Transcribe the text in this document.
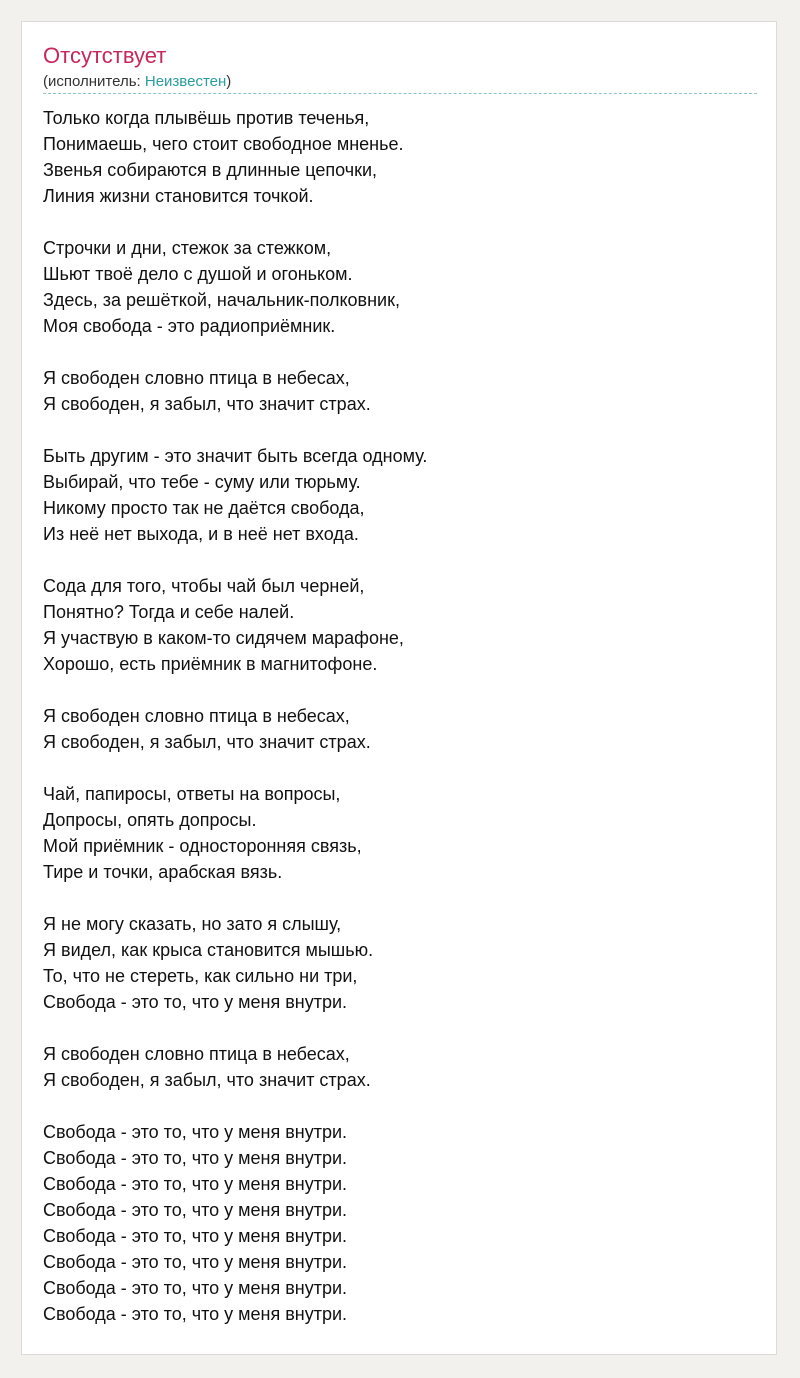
Отсутствует
(исполнитель: Неизвестен)
Только когда плывёшь против теченья,
Понимаешь, чего стоит свободное мненье.
Звенья собираются в длинные цепочки,
Линия жизни становится точкой.
Строчки и дни, стежок за стежком,
Шьют твоё дело с душой и огоньком.
Здесь, за решёткой, начальник-полковник,
Моя свобода - это радиоприёмник.
Я свободен словно птица в небесах,
Я свободен, я забыл, что значит страх.
Быть другим - это значит быть всегда одному.
Выбирай, что тебе - суму или тюрьму.
Никому просто так не даётся свобода,
Из неё нет выхода, и в неё нет входа.
Сода для того, чтобы чай был черней,
Понятно? Тогда и себе налей.
Я участвую в каком-то сидячем марафоне,
Хорошо, есть приёмник в магнитофоне.
Я свободен словно птица в небесах,
Я свободен, я забыл, что значит страх.
Чай, папиросы, ответы на вопросы,
Допросы, опять допросы.
Мой приёмник - односторонняя связь,
Тире и точки, арабская вязь.
Я не могу сказать, но зато я слышу,
Я видел, как крыса становится мышью.
То, что не стереть, как сильно ни три,
Свобода - это то, что у меня внутри.
Я свободен словно птица в небесах,
Я свободен, я забыл, что значит страх.
Свобода - это то, что у меня внутри.
Свобода - это то, что у меня внутри.
Свобода - это то, что у меня внутри.
Свобода - это то, что у меня внутри.
Свобода - это то, что у меня внутри.
Свобода - это то, что у меня внутри.
Свобода - это то, что у меня внутри.
Свобода - это то, что у меня внутри.
